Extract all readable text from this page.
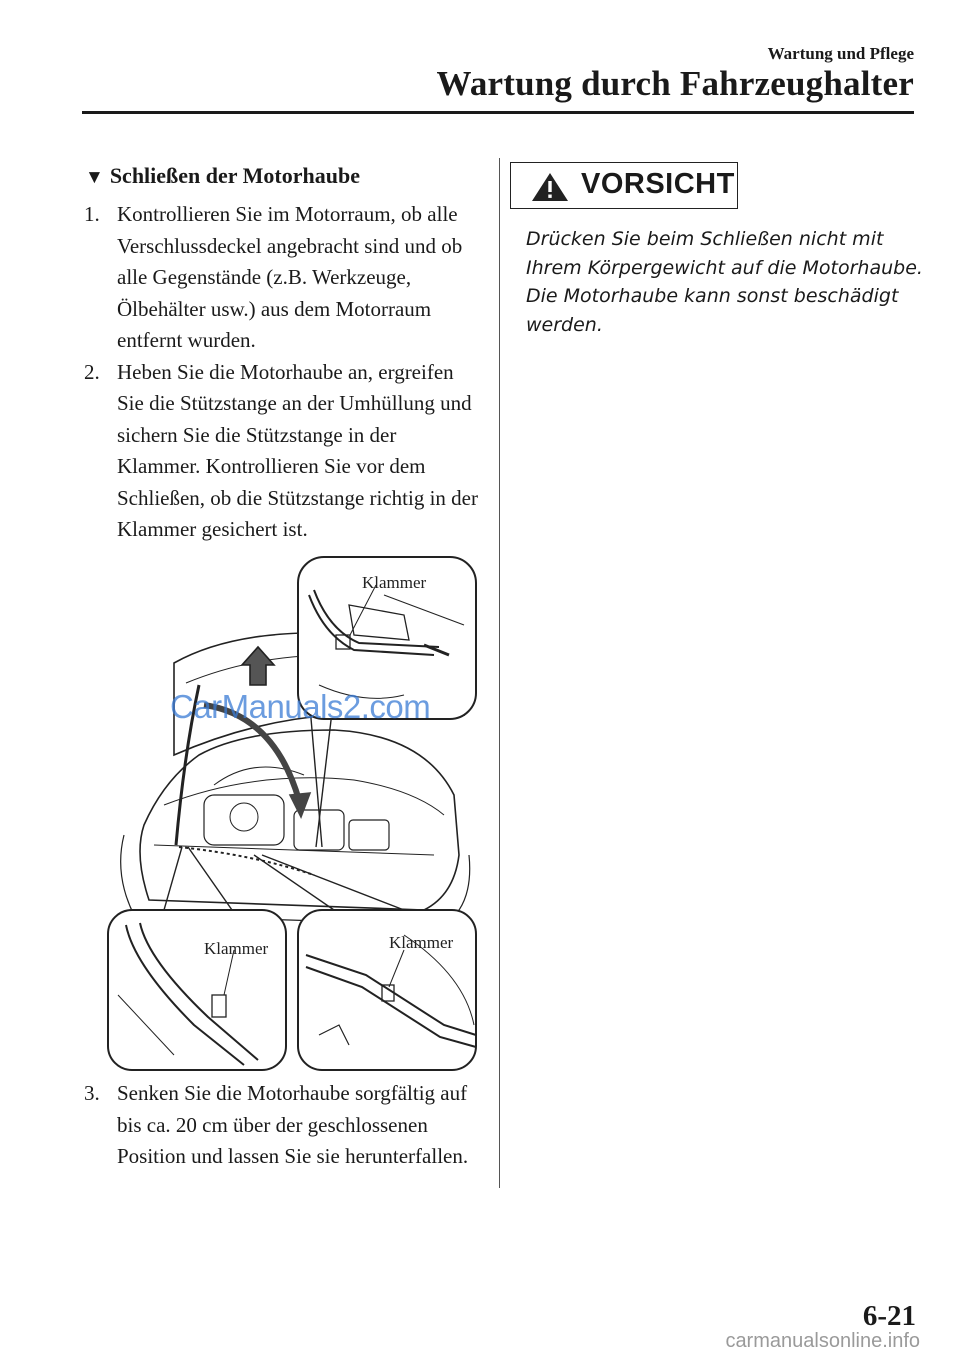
Wartung und Pflege
Wartung durch Fahrzeughalter
▼ Schließen der Motorhaube

1. Kontrollieren Sie im Motorraum, ob alle Verschlussdeckel angebracht sind und ob alle Gegenstände (z.B. Werkzeuge, Ölbehälter usw.) aus dem Motorraum entfernt wurden.

2. Heben Sie die Motorhaube an, ergreifen Sie die Stützstange an der Umhüllung und sichern Sie die Stützstange in der Klammer. Kontrollieren Sie vor dem Schließen, ob die Stützstange richtig in der Klammer gesichert ist.

Klammer
Klammer	Klammer
CarManuals2.com

3. Senken Sie die Motorhaube sorgfältig auf bis ca. 20 cm über der geschlossenen Position und lassen Sie sie herunterfallen.

VORSICHT
Drücken Sie beim Schließen nicht mit Ihrem Körpergewicht auf die Motorhaube. Die Motorhaube kann sonst beschädigt werden.
6-21
carmanualsonline.info
